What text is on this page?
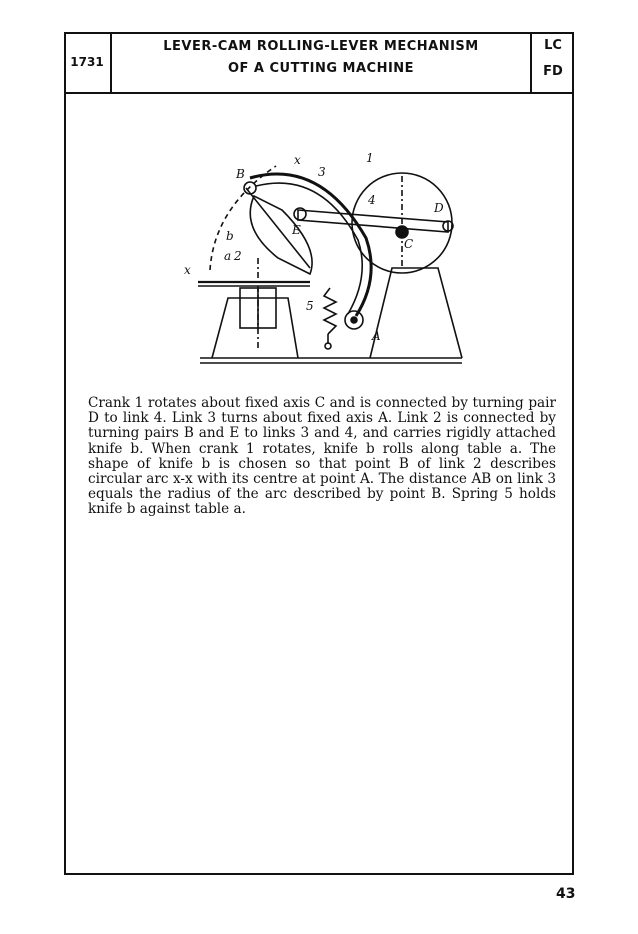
1731
LEVER-CAM ROLLING-LEVER MECHANISM
OF A CUTTING MACHINE
LC
FD
x
x
1
2
3
4
5
A
B
C
D
E
a
b

Crank 1 rotates about fixed axis C and is connected by turning pair D to link 4. Link 3 turns about fixed axis A. Link 2 is connected by turning pairs B and E to links 3 and 4, and carries rigidly attached knife b. When crank 1 rotates, knife b rolls along table a. The shape of knife b is chosen so that point B of link 2 describes circular arc x-x with its centre at point A. The distance AB on link 3 equals the radius of the arc described by point B. Spring 5 holds knife b against table a.

43
